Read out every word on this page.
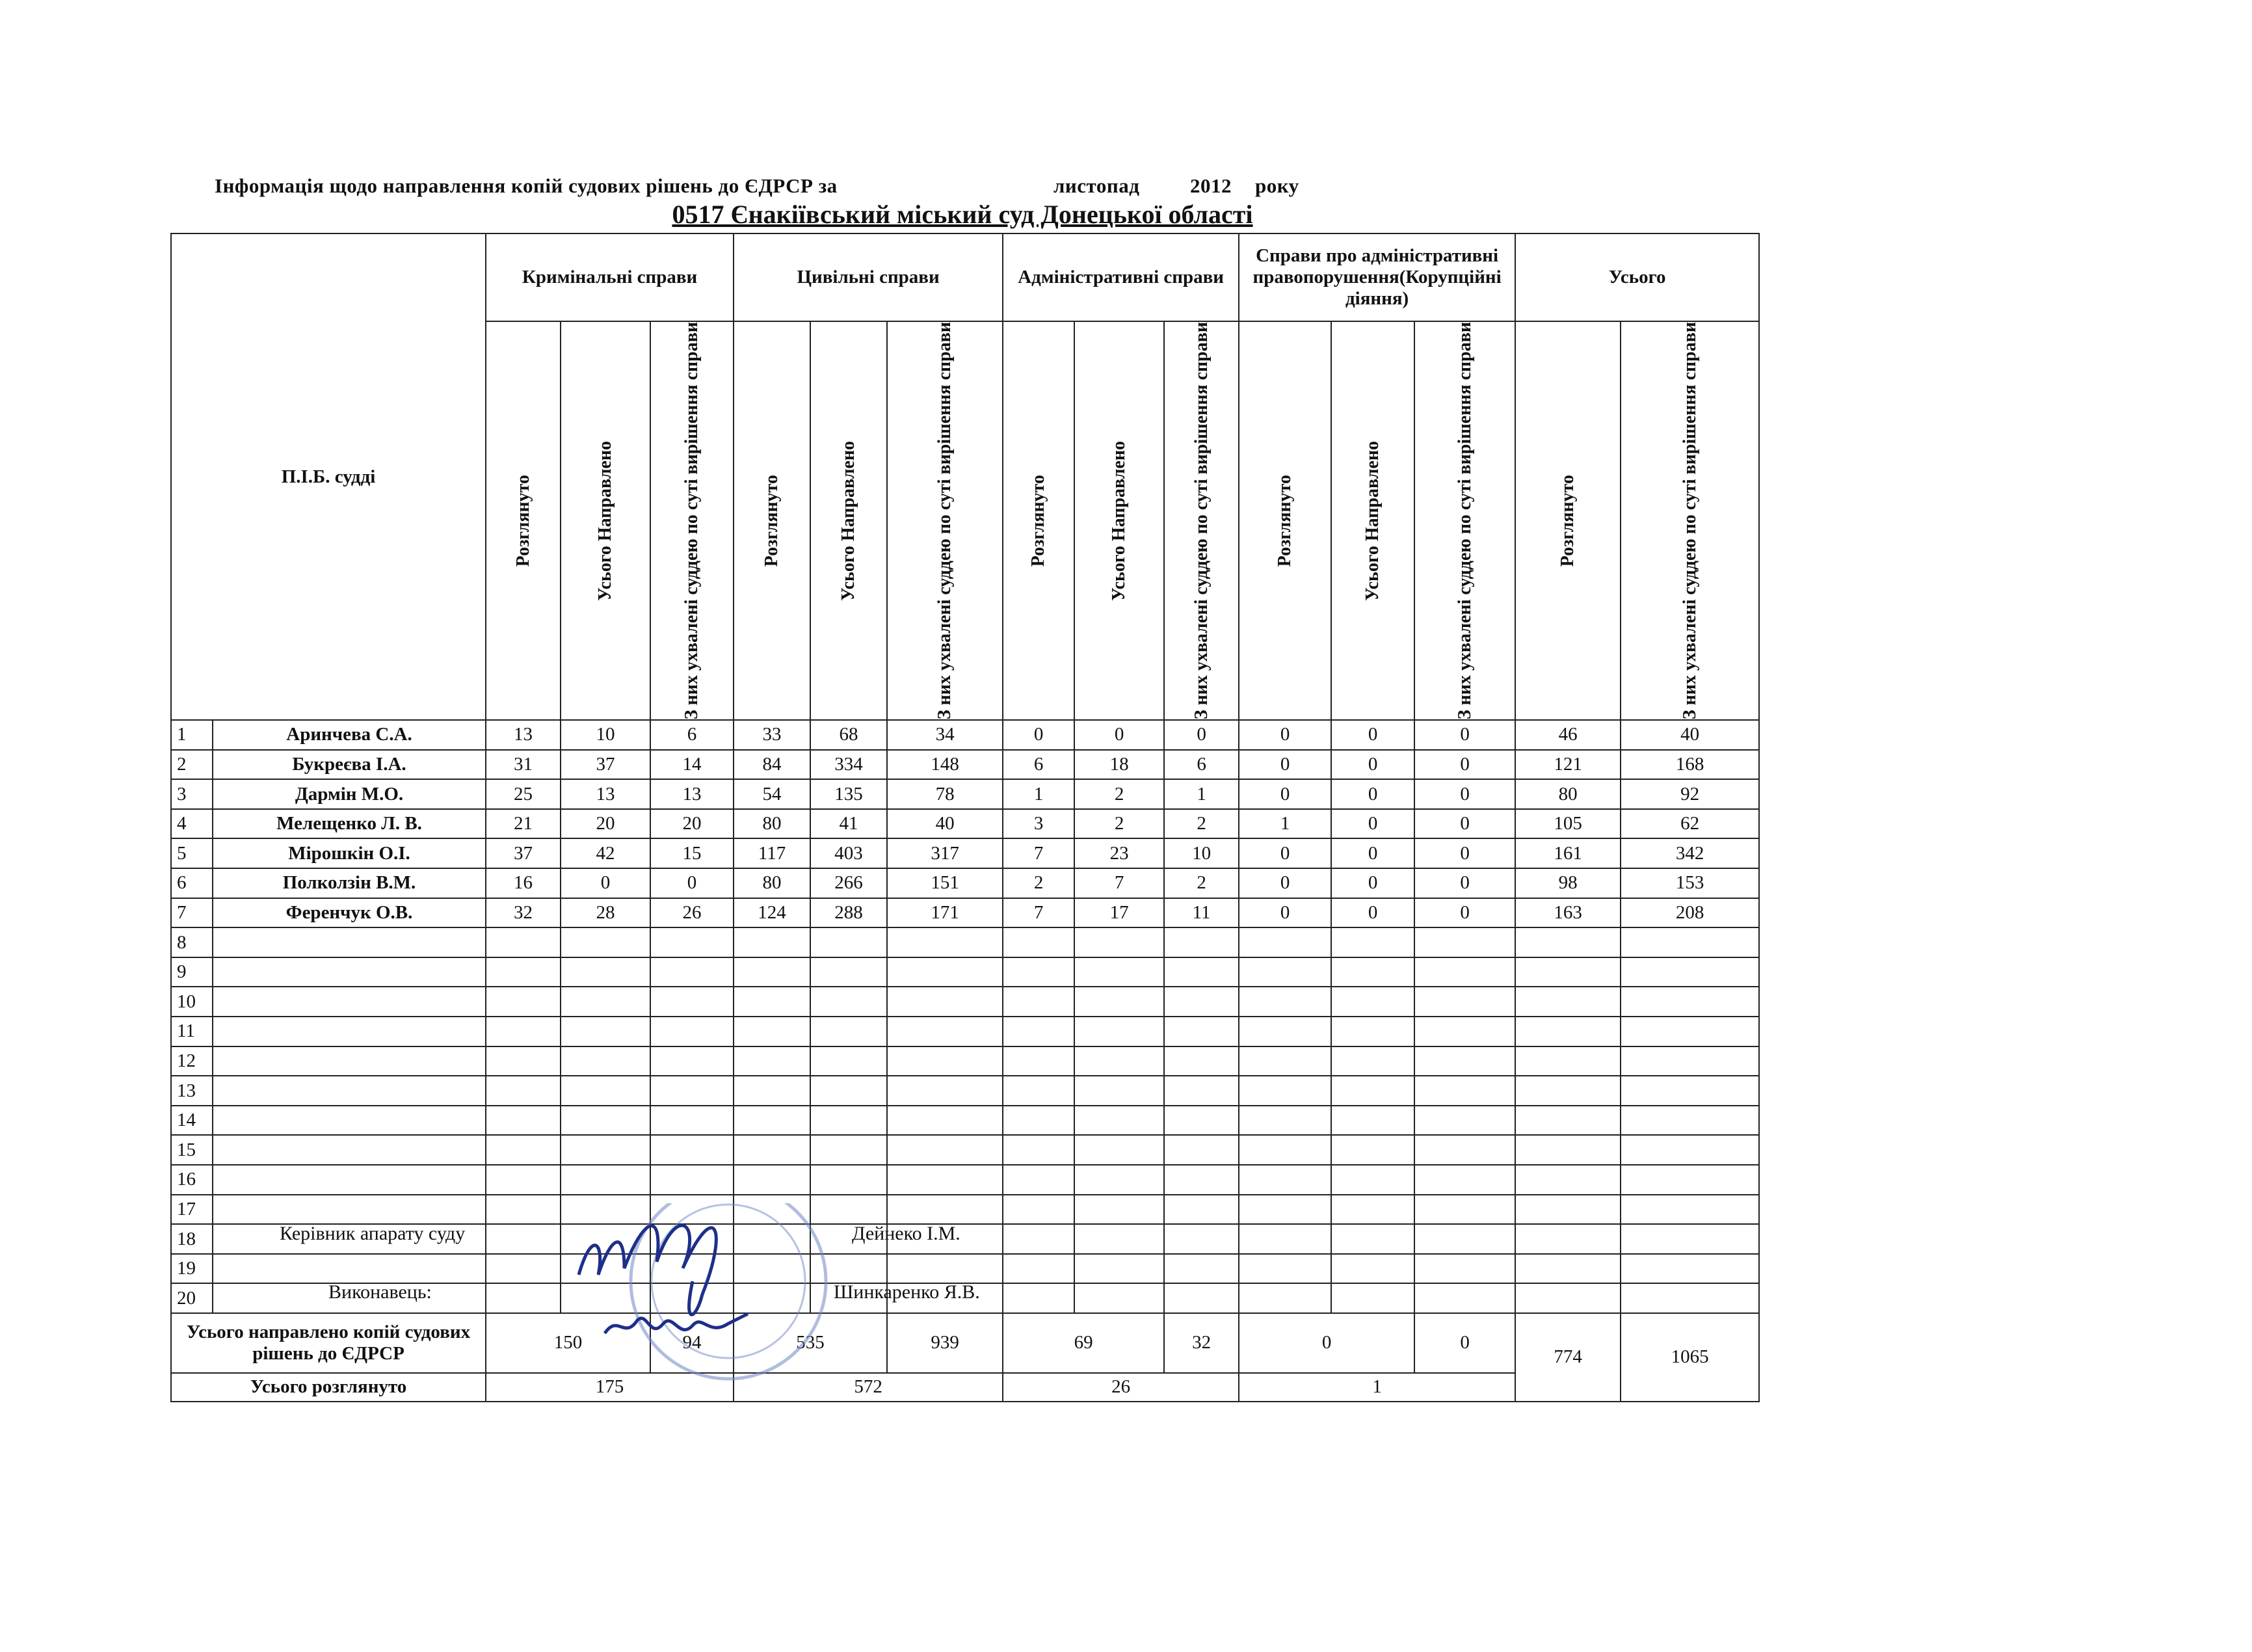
Інформація щодо направлення копій судових рішень до ЄДРСР за	листопад	2012 року
0517 Єнакіївський міський суд Донецької області
П.І.Б. судді		Кримінальні справи			Цивільні справи			Адміністративні справи			Справи про адміністративні правопорушення(Корупційні діяння)			Усього	

		Розглянуто	Усього Направлено	З них ухвалені суддею по суті вирішення справи	Розглянуто	Усього Направлено	З них ухвалені суддею по суті вирішення справи	Розглянуто	Усього Направлено	З них ухвалені суддею по суті вирішення справи	Розглянуто	Усього Направлено	З них ухвалені суддею по суті вирішення справи	Розглянуто	З них ухвалені суддею по суті вирішення справи

1	Аринчева С.А.	13	10	6	33	68	34	0	0	0	0	0	0	46	40
2	Букреєва І.А.	31	37	14	84	334	148	6	18	6	0	0	0	121	168
3	Дармін М.О.	25	13	13	54	135	78	1	2	1	0	0	0	80	92
4	Мелещенко Л. В.	21	20	20	80	41	40	3	2	2	1	0	0	105	62
5	Мірошкін О.І.	37	42	15	117	403	317	7	23	10	0	0	0	161	342
6	Полколзін В.М.	16	0	0	80	266	151	2	7	2	0	0	0	98	153
7	Ференчук О.В.	32	28	26	124	288	171	7	17	11	0	0	0	163	208
8															
9															
10															
11															
12															
13															
14															
15															
16															
17															
18															
19															
20															
Усього направлено копій судових рішень до ЄДРСР		150		94	535		939	69		32	0		0	774	1065
Усього розглянуто		175			572			26			1				
Керівник апарату суду	Дейнеко І.М.
Виконавець:	Шинкаренко Я.В.
